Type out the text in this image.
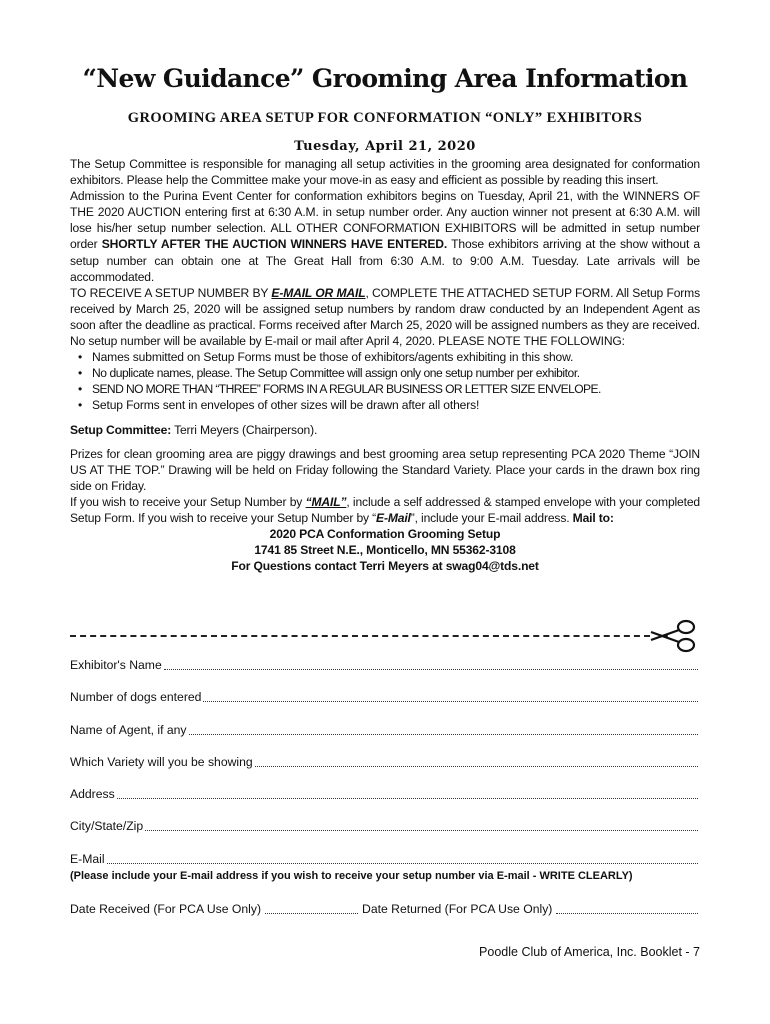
“New Guidance” Grooming Area Information
GROOMING AREA SETUP FOR CONFORMATION “ONLY” EXHIBITORS
Tuesday, April 21, 2020

The Setup Committee is responsible for managing all setup activities in the grooming area designated for conformation exhibitors. Please help the Committee make your move-in as easy and efficient as possible by reading this insert.

Admission to the Purina Event Center for conformation exhibitors begins on Tuesday, April 21, with the WINNERS OF THE 2020 AUCTION entering first at 6:30 A.M. in setup number order. Any auction winner not present at 6:30 A.M. will lose his/her setup number selection. ALL OTHER CONFORMATION EXHIBITORS will be admitted in setup number order SHORTLY AFTER THE AUCTION WINNERS HAVE ENTERED. Those exhibitors arriving at the show without a setup number can obtain one at The Great Hall from 6:30 A.M. to 9:00 A.M. Tuesday. Late arrivals will be accommodated.

TO RECEIVE A SETUP NUMBER BY E-MAIL OR MAIL, COMPLETE THE ATTACHED SETUP FORM. All Setup Forms received by March 25, 2020 will be assigned setup numbers by random draw conducted by an Independent Agent as soon after the deadline as practical. Forms received after March 25, 2020 will be assigned numbers as they are received. No setup number will be available by E-mail or mail after April 4, 2020. PLEASE NOTE THE FOLLOWING:

• Names submitted on Setup Forms must be those of exhibitors/agents exhibiting in this show.
• No duplicate names, please. The Setup Committee will assign only one setup number per exhibitor.
• SEND NO MORE THAN “THREE” FORMS IN A REGULAR BUSINESS OR LETTER SIZE ENVELOPE.
• Setup Forms sent in envelopes of other sizes will be drawn after all others!

Setup Committee: Terri Meyers (Chairperson).

Prizes for clean grooming area are piggy drawings and best grooming area setup representing PCA 2020 Theme “JOIN US AT THE TOP.” Drawing will be held on Friday following the Standard Variety. Place your cards in the drawn box ring side on Friday.

If you wish to receive your Setup Number by “MAIL”, include a self addressed & stamped envelope with your completed Setup Form. If you wish to receive your Setup Number by “E-Mail”, include your E-mail address. Mail to:

2020 PCA Conformation Grooming Setup

1741 85 Street N.E., Monticello, MN 55362-3108

For Questions contact Terri Meyers at swag04@tds.net

Exhibitor's Name
Number of dogs entered
Name of Agent, if any
Which Variety will you be showing
Address
City/State/Zip
E-Mail
(Please include your E-mail address if you wish to receive your setup number via E-mail - WRITE CLEARLY)
Date Received (For PCA Use Only)	Date Returned (For PCA Use Only)
Poodle Club of America, Inc. Booklet - 7
